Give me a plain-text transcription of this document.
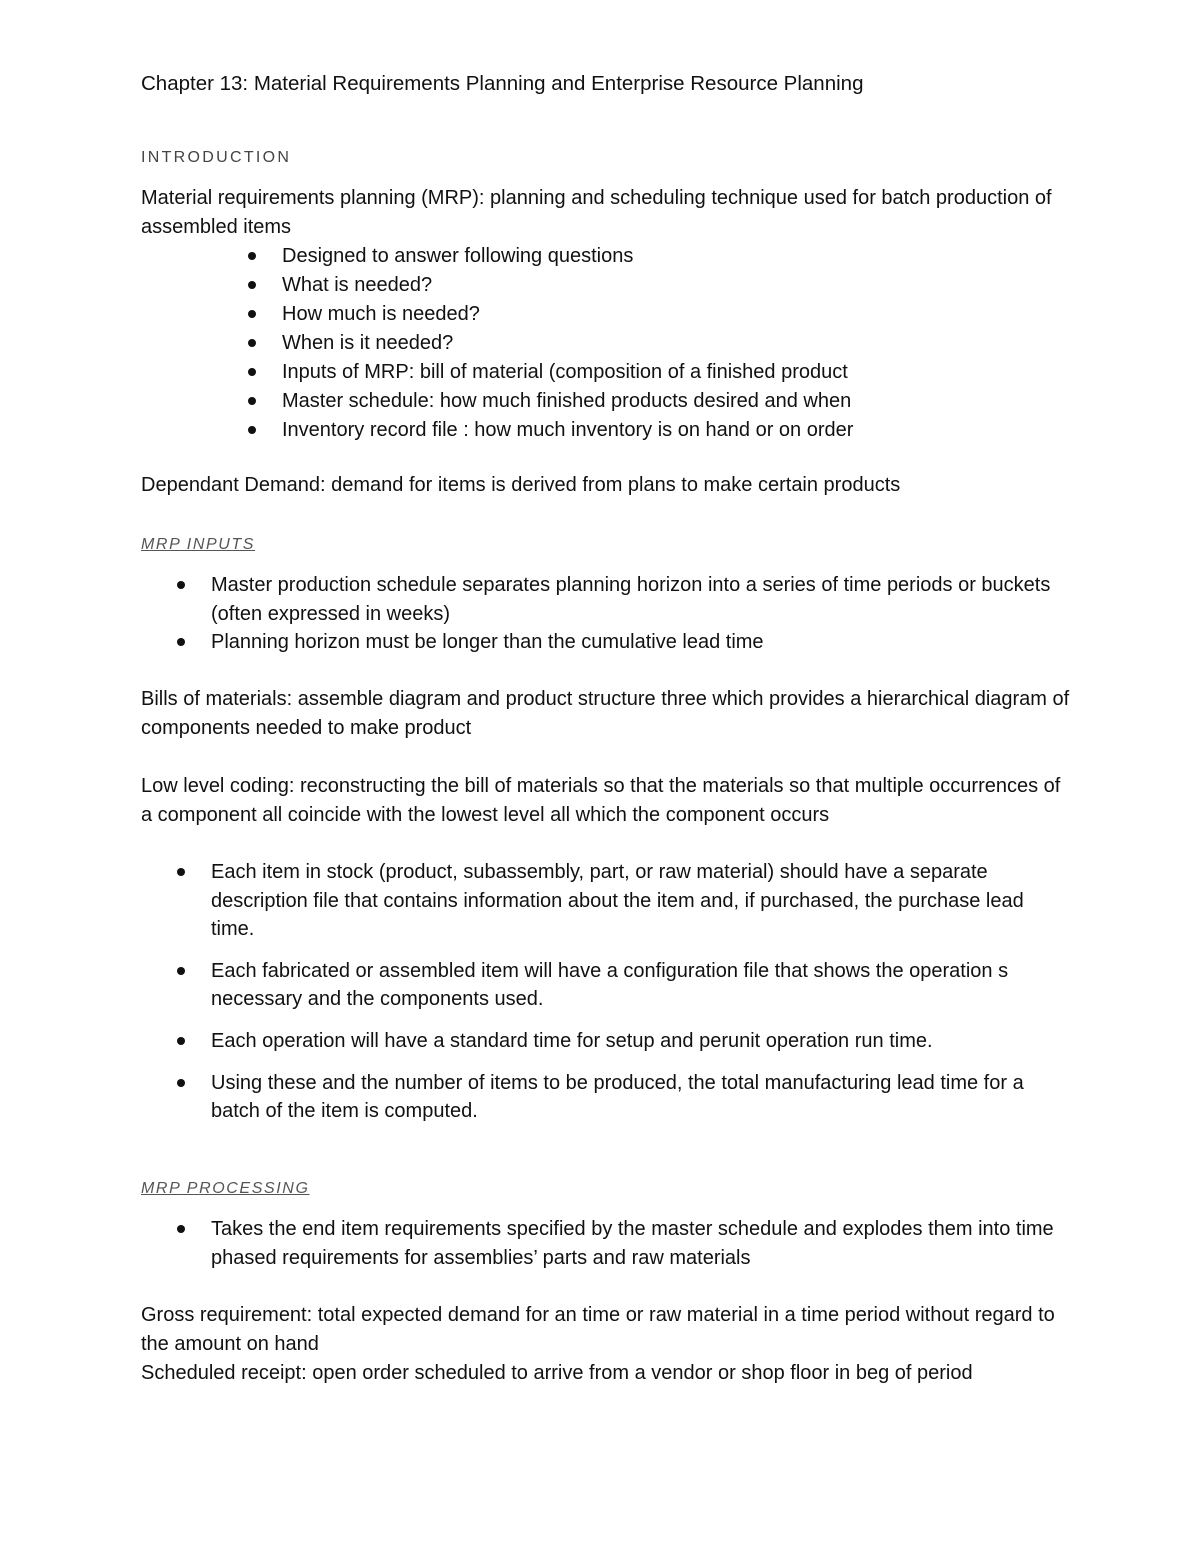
Chapter 13: Material Requirements Planning and Enterprise Resource Planning

INTRODUCTION

Material requirements planning (MRP): planning and scheduling technique used for batch production of assembled items

Designed to answer following questions
What is needed?
How much is needed?
When is it needed?
Inputs of MRP: bill of material (composition of a finished product
Master schedule: how much finished products desired and when
Inventory record file : how much inventory is on hand or on order

Dependant Demand: demand for items is derived from plans to make certain products

MRP INPUTS

Master production schedule separates planning horizon into a series of time periods or buckets (often expressed in weeks)
Planning horizon must be longer than the cumulative lead time

Bills of materials: assemble diagram and product structure three which provides a hierarchical diagram of components needed to make product

Low level coding: reconstructing the bill of materials so that the materials so that multiple occurrences of a component all coincide with the lowest level all which the component occurs

Each item in stock (product, subassembly, part, or raw material) should have a separate description file that contains information about the item and, if purchased, the purchase lead time.
Each fabricated or assembled item will have a configuration file that shows the operation s necessary and the components used.
Each operation will have a standard time for setup and perunit operation run time.
Using these and the number of items to be produced, the total manufacturing lead time for a batch of the item is computed.

MRP PROCESSING

Takes the end item requirements specified by the master schedule and explodes them into time phased requirements for assemblies’ parts and raw materials

Gross requirement: total expected demand for an time or raw material in a time period without regard to the amount on hand

Scheduled receipt: open order scheduled to arrive from a vendor or shop floor in beg of period
